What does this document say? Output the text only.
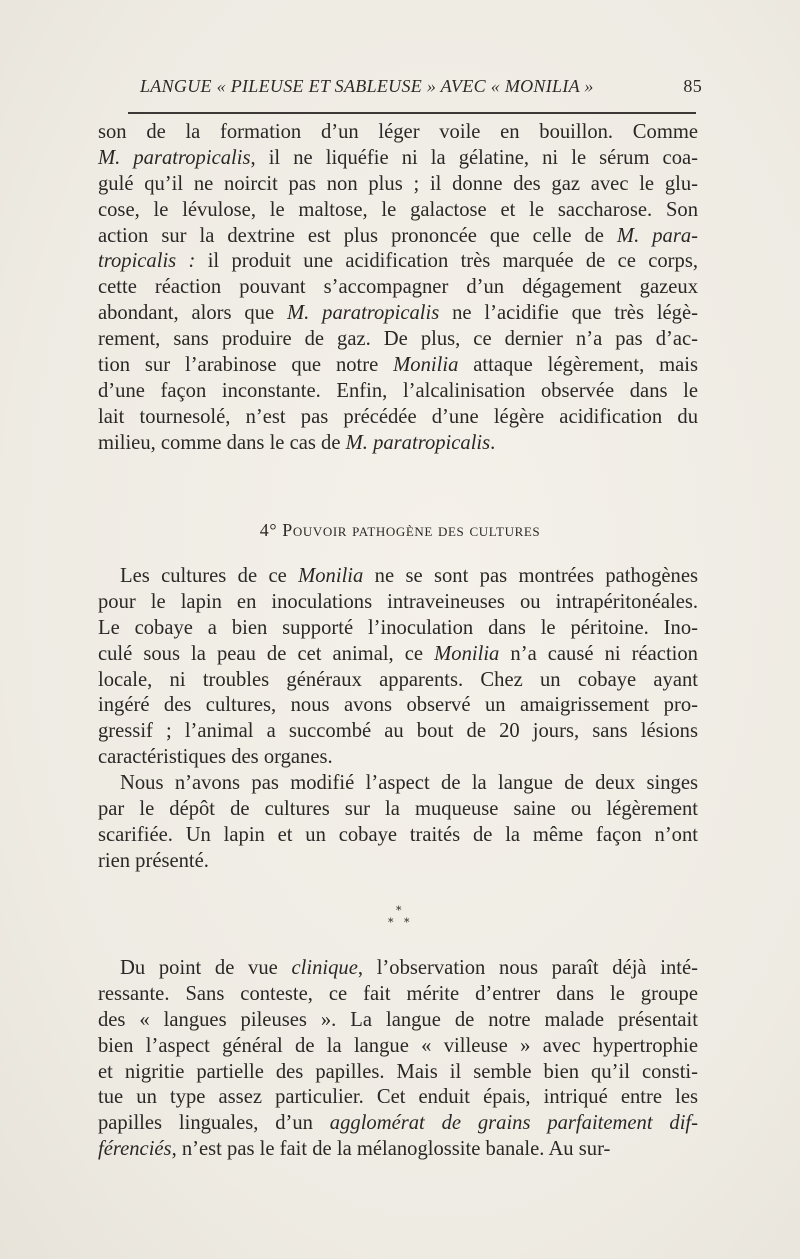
LANGUE « PILEUSE ET SABLEUSE » AVEC « MONILIA »	85
son de la formation d’un léger voile en bouillon. Comme
M. paratropicalis, il ne liquéfie ni la gélatine, ni le sérum coa-
gulé qu’il ne noircit pas non plus ; il donne des gaz avec le glu-
cose, le lévulose, le maltose, le galactose et le saccharose. Son
action sur la dextrine est plus prononcée que celle de M. para-
tropicalis : il produit une acidification très marquée de ce corps,
cette réaction pouvant s’accompagner d’un dégagement gazeux
abondant, alors que M. paratropicalis ne l’acidifie que très légè-
rement, sans produire de gaz. De plus, ce dernier n’a pas d’ac-
tion sur l’arabinose que notre Monilia attaque légèrement, mais
d’une façon inconstante. Enfin, l’alcalinisation observée dans le
lait tournesolé, n’est pas précédée d’une légère acidification du
milieu, comme dans le cas de M. paratropicalis.
4° Pouvoir pathogène des cultures
Les cultures de ce Monilia ne se sont pas montrées pathogènes
pour le lapin en inoculations intraveineuses ou intrapéritonéales.
Le cobaye a bien supporté l’inoculation dans le péritoine. Ino-
culé sous la peau de cet animal, ce Monilia n’a causé ni réaction
locale, ni troubles généraux apparents. Chez un cobaye ayant
ingéré des cultures, nous avons observé un amaigrissement pro-
gressif ; l’animal a succombé au bout de 20 jours, sans lésions
caractéristiques des organes.
Nous n’avons pas modifié l’aspect de la langue de deux singes
par le dépôt de cultures sur la muqueuse saine ou légèrement
scarifiée. Un lapin et un cobaye traités de la même façon n’ont
rien présenté.
*
* *
Du point de vue clinique, l’observation nous paraît déjà inté-
ressante. Sans conteste, ce fait mérite d’entrer dans le groupe
des « langues pileuses ». La langue de notre malade présentait
bien l’aspect général de la langue « villeuse » avec hypertrophie
et nigritie partielle des papilles. Mais il semble bien qu’il consti-
tue un type assez particulier. Cet enduit épais, intriqué entre les
papilles linguales, d’un agglomérat de grains parfaitement dif-
férenciés, n’est pas le fait de la mélanoglossite banale. Au sur-
